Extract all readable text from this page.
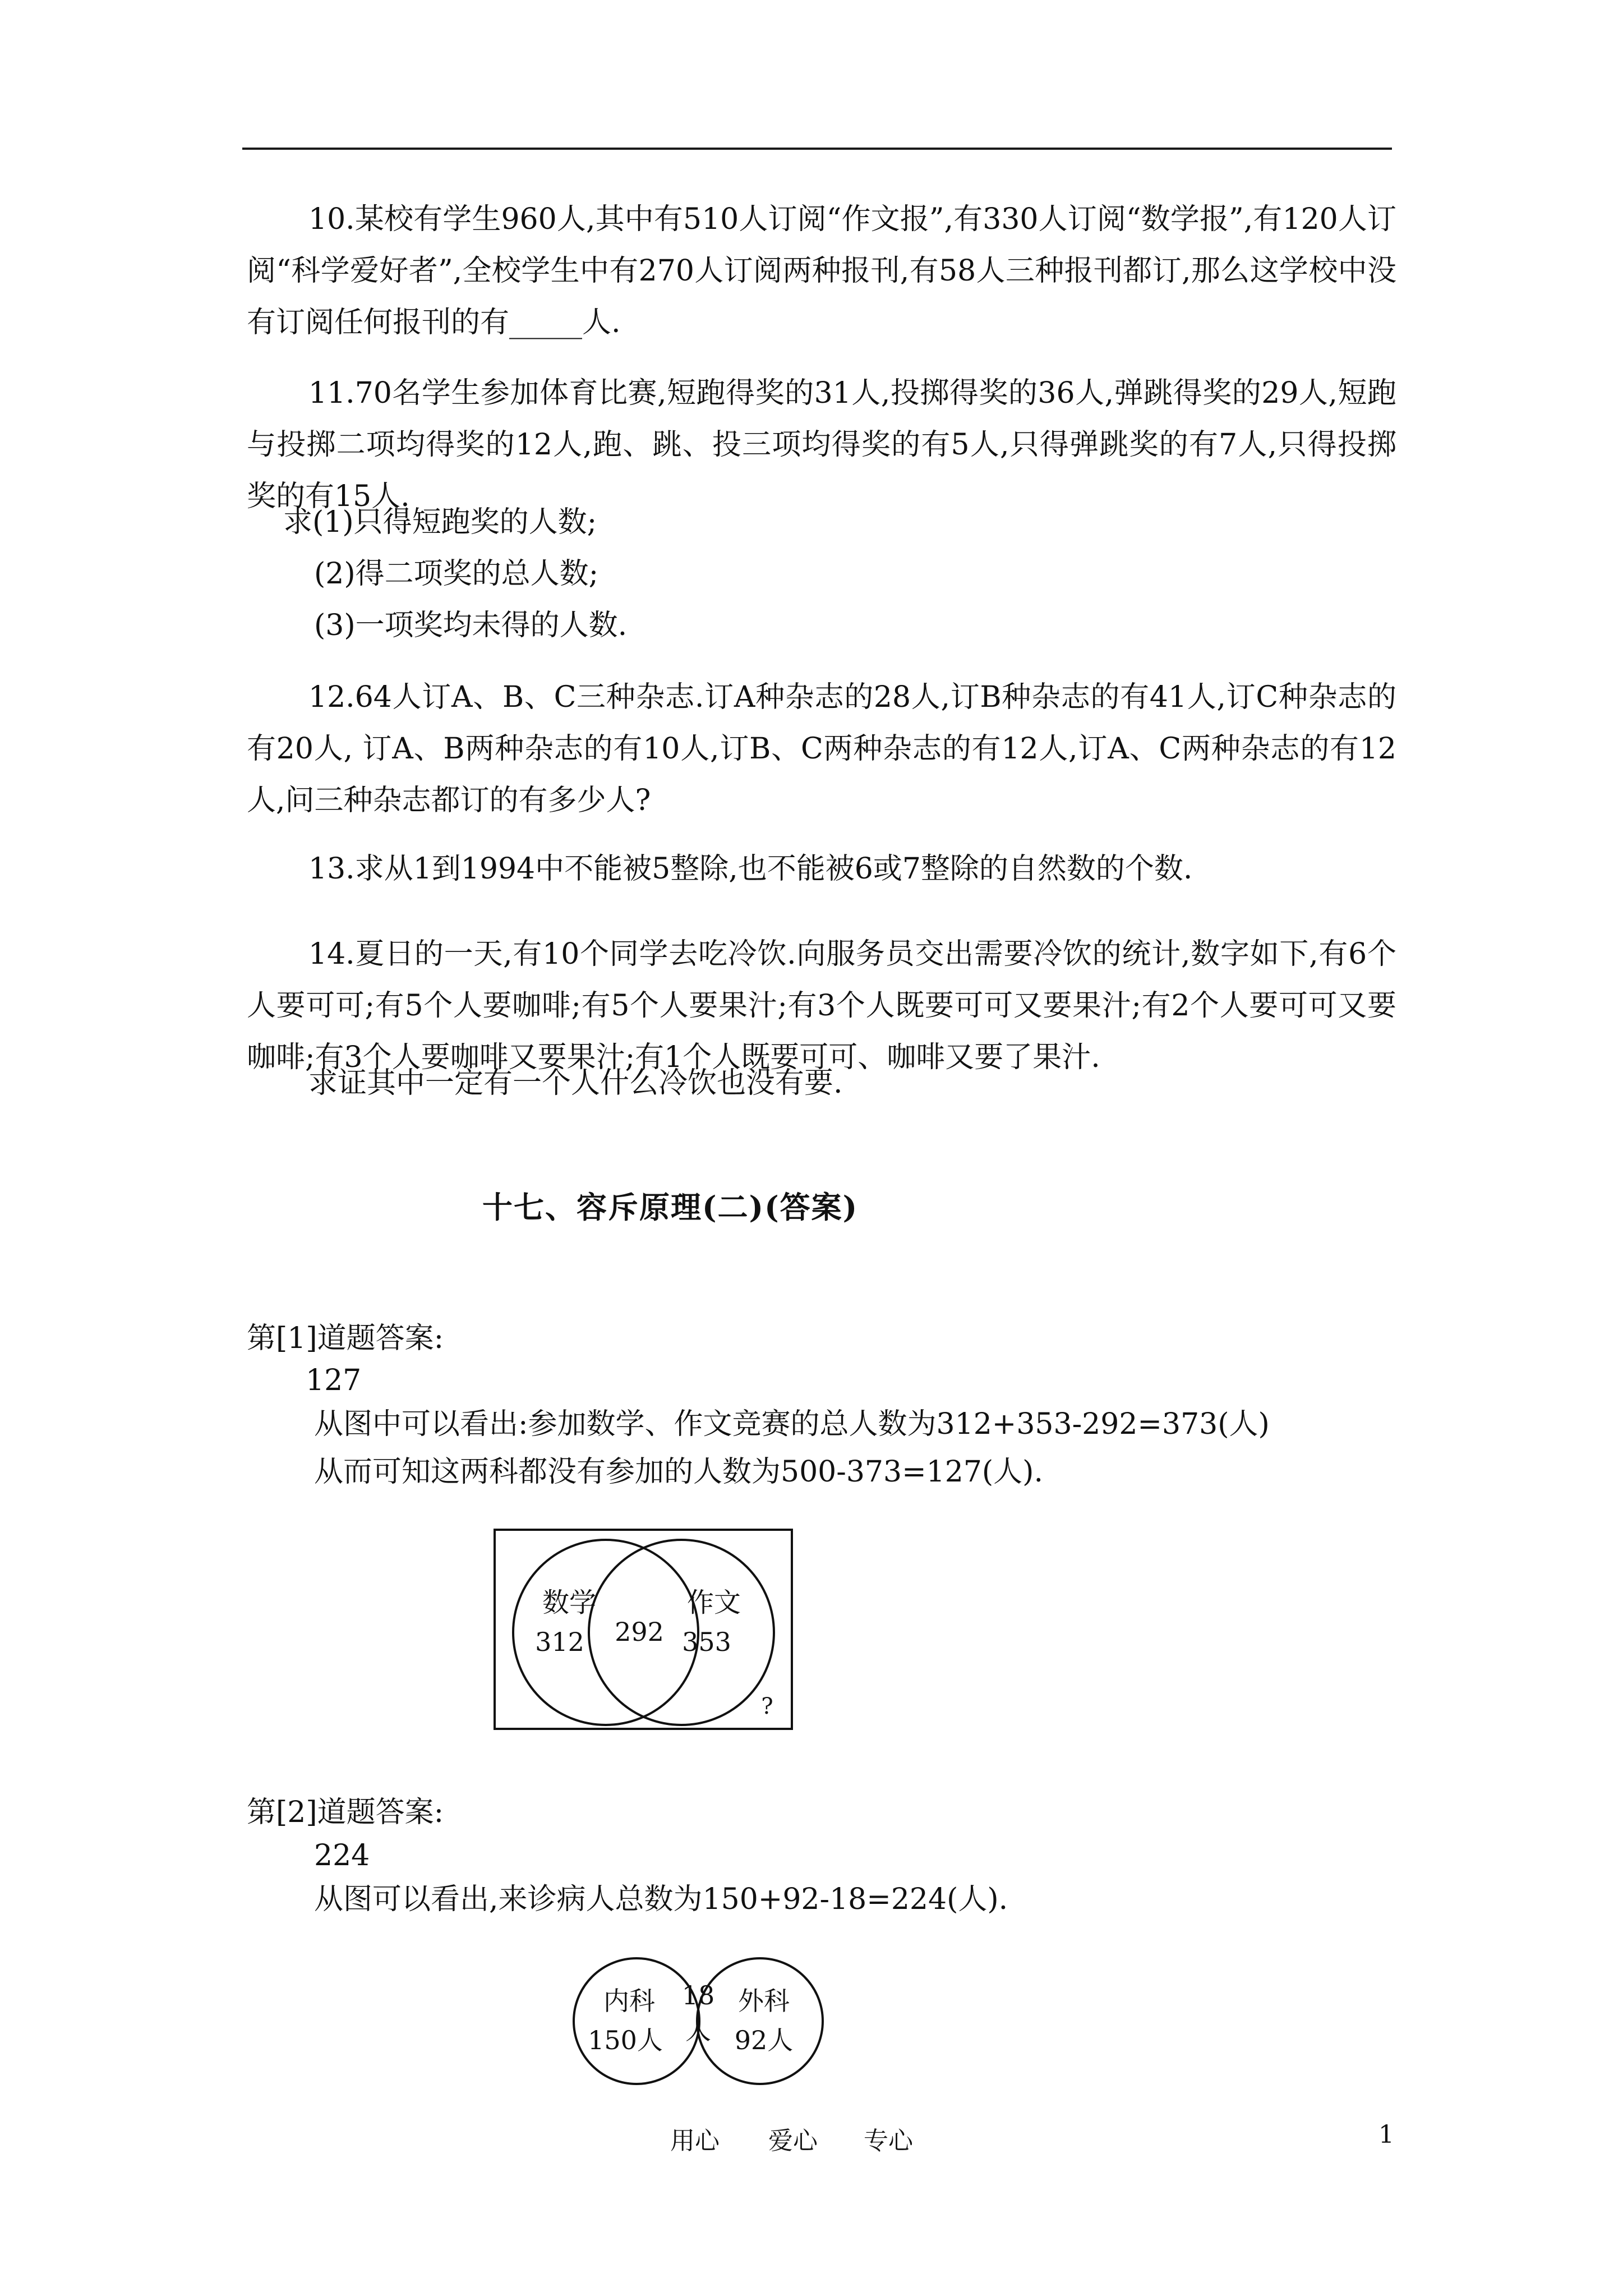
10.某校有学生960人,其中有510人订阅“作文报”,有330人订阅“数学报”,有120人订阅“科学爱好者”,全校学生中有270人订阅两种报刊,有58人三种报刊都订,那么这学校中没有订阅任何报刊的有_____人.

11.70名学生参加体育比赛,短跑得奖的31人,投掷得奖的36人,弹跳得奖的29人,短跑与投掷二项均得奖的12人,跑、跳、投三项均得奖的有5人,只得弹跳奖的有7人,只得投掷奖的有15人.

求(1)只得短跑奖的人数;
(2)得二项奖的总人数;
(3)一项奖均未得的人数.

12.64人订A、B、C三种杂志.订A种杂志的28人,订B种杂志的有41人,订C种杂志的有20人, 订A、B两种杂志的有10人,订B、C两种杂志的有12人,订A、C两种杂志的有12人,问三种杂志都订的有多少人?

13.求从1到1994中不能被5整除,也不能被6或7整除的自然数的个数.

14.夏日的一天,有10个同学去吃冷饮.向服务员交出需要冷饮的统计,数字如下,有6个人要可可;有5个人要咖啡;有5个人要果汁;有3个人既要可可又要果汁;有2个人要可可又要咖啡;有3个人要咖啡又要果汁;有1个人既要可可、咖啡又要了果汁.

求证其中一定有一个人什么冷饮也没有要.
十七、容斥原理(二)(答案)
第[1]道题答案:
127
从图中可以看出:参加数学、作文竞赛的总人数为312+353-292=373(人)
从而可知这两科都没有参加的人数为500-373=127(人).
数学
312 292
作文
353
?
第[2]道题答案:
224
从图可以看出,来诊病人总数为150+92-18=224(人).
内科
150人
18
人
外科
92人
用心 爱心 专心	1
